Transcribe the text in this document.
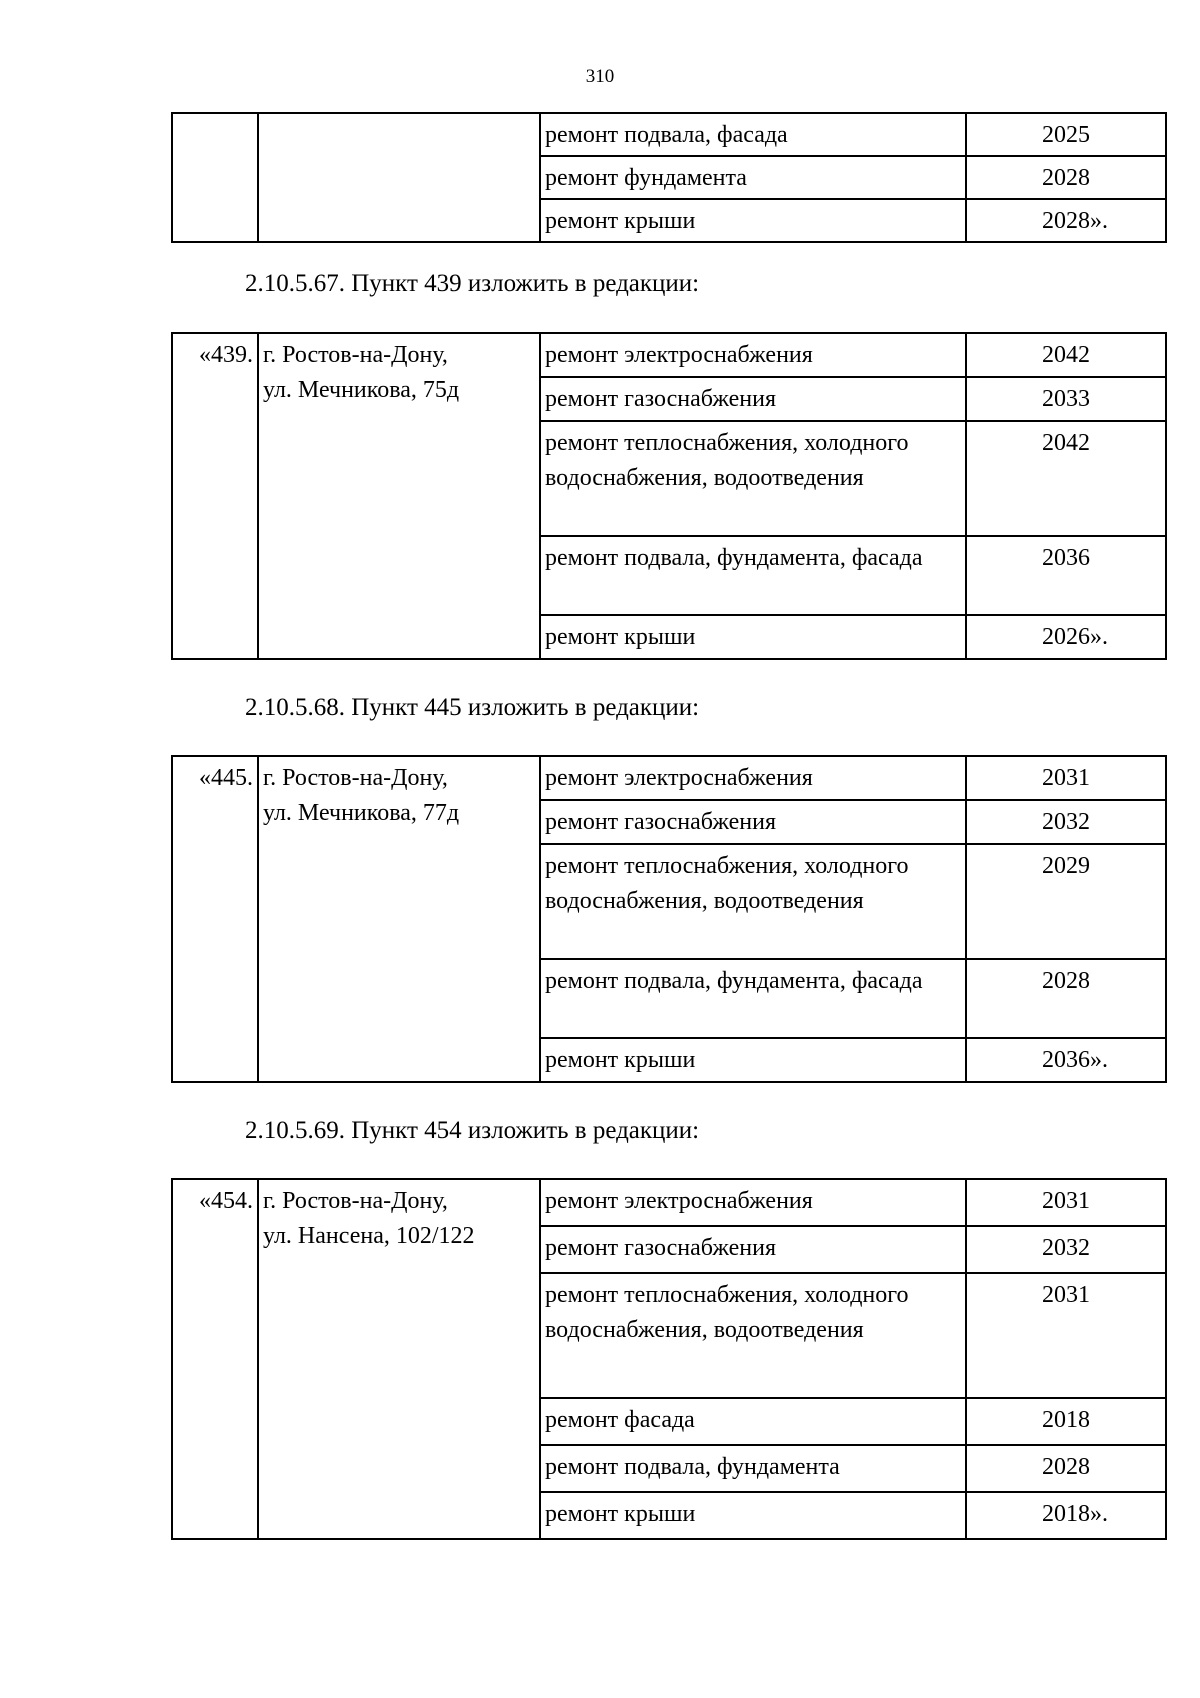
310
		ремонт подвала, фасада	2025

		ремонт фундамента	2028

		ремонт крыши	2028 ».
2.10.5.67. Пункт 439 изложить в редакции:
«439.	г. Ростов-на-Дону,
ул. Мечникова, 75д	ремонт электроснабжения	2042

		ремонт газоснабжения	2033

		ремонт теплоснабжения, холодного водоснабжения, водоотведения	2042

		ремонт подвала, фундамента, фасада	2036

		ремонт крыши	2026 ».
2.10.5.68. Пункт 445 изложить в редакции:
«445.	г. Ростов-на-Дону,
ул. Мечникова, 77д	ремонт электроснабжения	2031

		ремонт газоснабжения	2032

		ремонт теплоснабжения, холодного водоснабжения, водоотведения	2029

		ремонт подвала, фундамента, фасада	2028

		ремонт крыши	2036 ».
2.10.5.69. Пункт 454 изложить в редакции:
«454.	г. Ростов-на-Дону,
ул. Нансена, 102/122	ремонт электроснабжения	2031

		ремонт газоснабжения	2032

		ремонт теплоснабжения, холодного водоснабжения, водоотведения	2031

		ремонт фасада	2018

		ремонт подвала, фундамента	2028

		ремонт крыши	2018 ».
